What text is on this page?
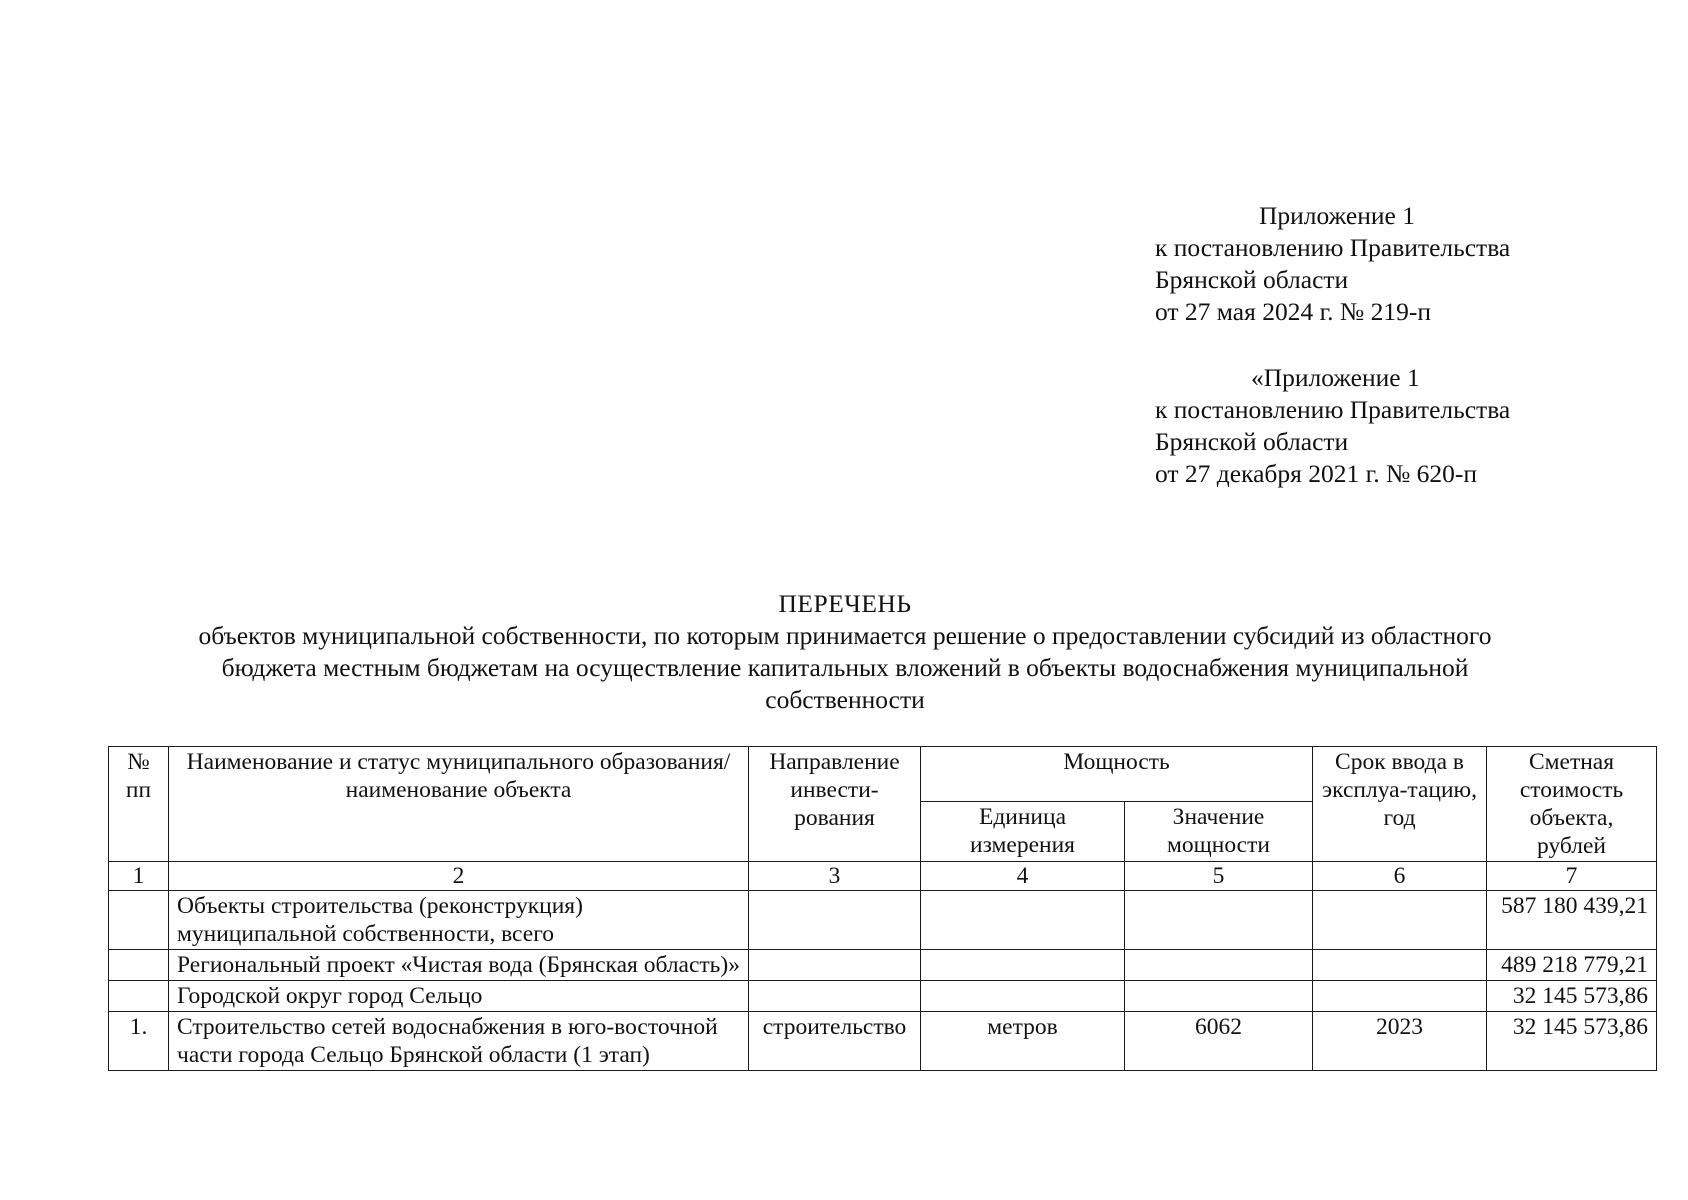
Приложение 1
к постановлению Правительства
Брянской области
от 27 мая 2024 г. № 219-п
«Приложение 1
к постановлению Правительства
Брянской области
от 27 декабря 2021 г. № 620-п
ПЕРЕЧЕНЬ
объектов муниципальной собственности, по которым принимается решение о предоставлении субсидий из областного
бюджета местным бюджетам на осуществление капитальных вложений в объекты водоснабжения муниципальной
собственности
№ пп	Наименование и статус муниципального образования/ наименование объекта	Направление инвести-рования	Мощность		Срок ввода в эксплуа-тацию, год	Сметная стоимость объекта, рублей
			Единица измерения	Значение мощности		
1	2	3	4	5	6	7
	Объекты строительства (реконструкция) муниципальной собственности, всего					587 180 439,21
	Региональный проект «Чистая вода (Брянская область)»					489 218 779,21
	Городской округ город Сельцо					32 145 573,86
1.	Строительство сетей водоснабжения в юго-восточной части города Сельцо Брянской области (1 этап)	строительство	метров	6062	2023	32 145 573,86
